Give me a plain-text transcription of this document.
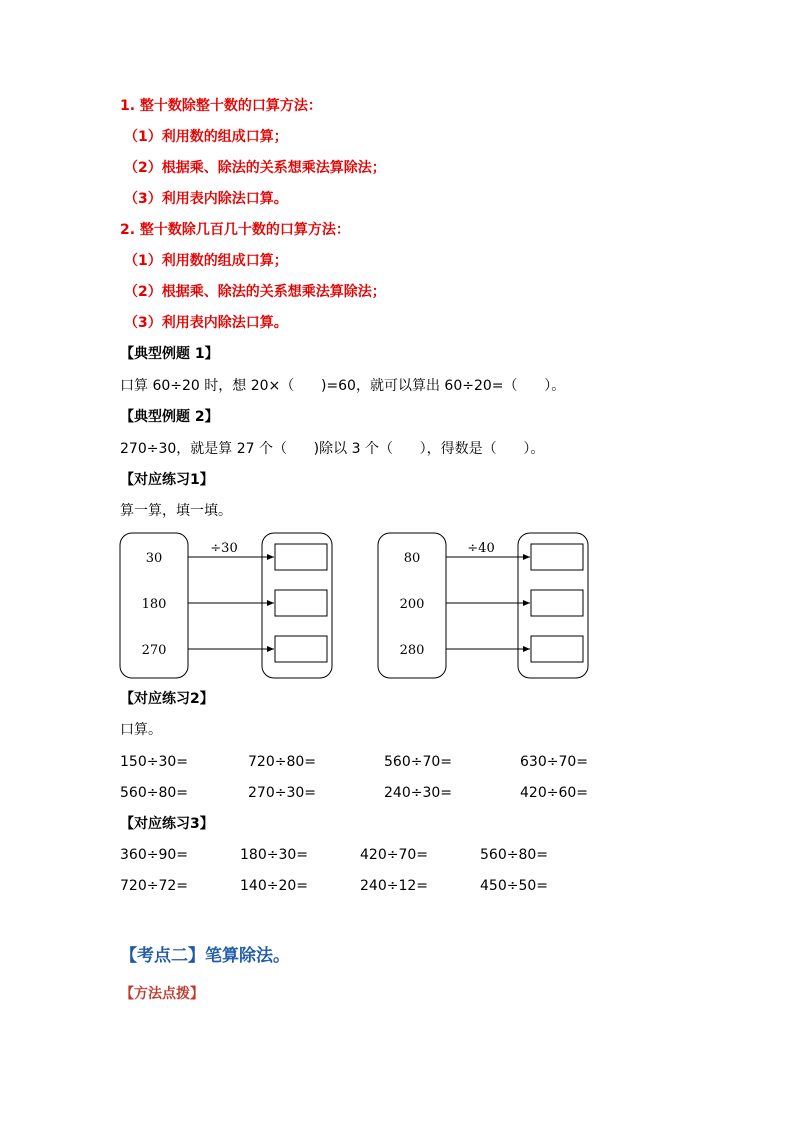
1. 整十数除整十数的口算方法：
（1）利用数的组成口算；
（2）根据乘、除法的关系想乘法算除法；
（3）利用表内除法口算。
2. 整十数除几百几十数的口算方法：
（1）利用数的组成口算；
（2）根据乘、除法的关系想乘法算除法；
（3）利用表内除法口算。
【典型例题 1】
口算 60÷20 时，想 20×（      )=60，就可以算出 60÷20=（      ）。
【典型例题 2】
270÷30，就是算 27 个（      )除以 3 个（      ），得数是（      ）。
【对应练习1】
算一算，填一填。
30
180
270
÷30
80
200
280
÷40
【对应练习2】
口算。
150÷30=	720÷80=	560÷70=	630÷70=
560÷80=	270÷30=	240÷30=	420÷60=
【对应练习3】
360÷90=	180÷30=	420÷70=	560÷80=
720÷72=	140÷20=	240÷12=	450÷50=
【考点二】笔算除法。
【方法点拨】
